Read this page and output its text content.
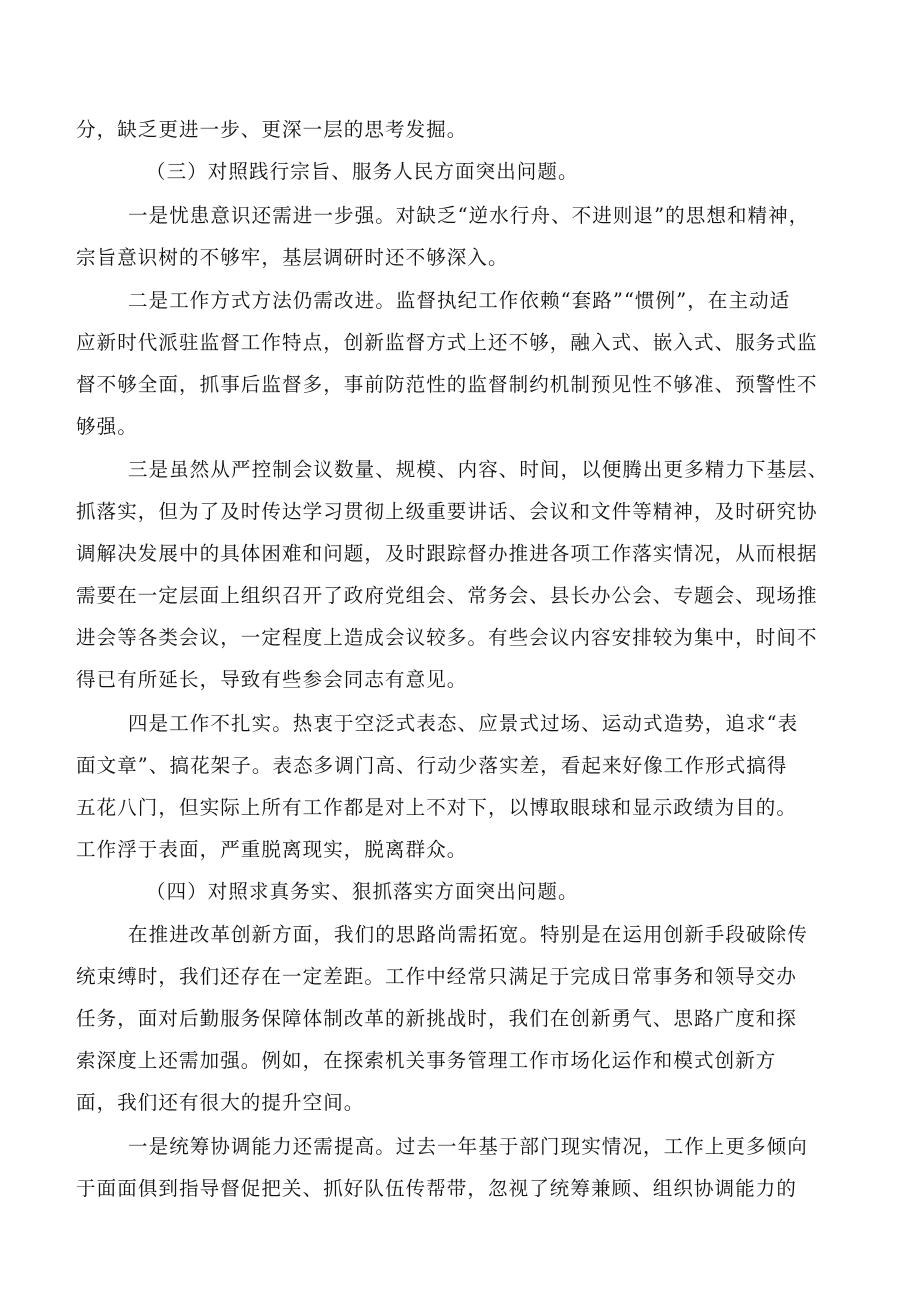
分，缺乏更进一步、更深一层的思考发掘。
（三）对照践行宗旨、服务人民方面突出问题。
一是忧患意识还需进一步强。对缺乏“逆水行舟、不进则退”的思想和精神，
宗旨意识树的不够牢，基层调研时还不够深入。
二是工作方式方法仍需改进。监督执纪工作依赖“套路”“惯例”，在主动适
应新时代派驻监督工作特点，创新监督方式上还不够，融入式、嵌入式、服务式监
督不够全面，抓事后监督多，事前防范性的监督制约机制预见性不够准、预警性不
够强。
三是虽然从严控制会议数量、规模、内容、时间，以便腾出更多精力下基层、
抓落实，但为了及时传达学习贯彻上级重要讲话、会议和文件等精神，及时研究协
调解决发展中的具体困难和问题，及时跟踪督办推进各项工作落实情况，从而根据
需要在一定层面上组织召开了政府党组会、常务会、县长办公会、专题会、现场推
进会等各类会议，一定程度上造成会议较多。有些会议内容安排较为集中，时间不
得已有所延长，导致有些参会同志有意见。
四是工作不扎实。热衷于空泛式表态、应景式过场、运动式造势，追求“表
面文章”、搞花架子。表态多调门高、行动少落实差，看起来好像工作形式搞得
五花八门，但实际上所有工作都是对上不对下，以博取眼球和显示政绩为目的。
工作浮于表面，严重脱离现实，脱离群众。
（四）对照求真务实、狠抓落实方面突出问题。
在推进改革创新方面，我们的思路尚需拓宽。特别是在运用创新手段破除传
统束缚时，我们还存在一定差距。工作中经常只满足于完成日常事务和领导交办
任务，面对后勤服务保障体制改革的新挑战时，我们在创新勇气、思路广度和探
索深度上还需加强。例如，在探索机关事务管理工作市场化运作和模式创新方
面，我们还有很大的提升空间。
一是统筹协调能力还需提高。过去一年基于部门现实情况，工作上更多倾向
于面面俱到指导督促把关、抓好队伍传帮带，忽视了统筹兼顾、组织协调能力的
